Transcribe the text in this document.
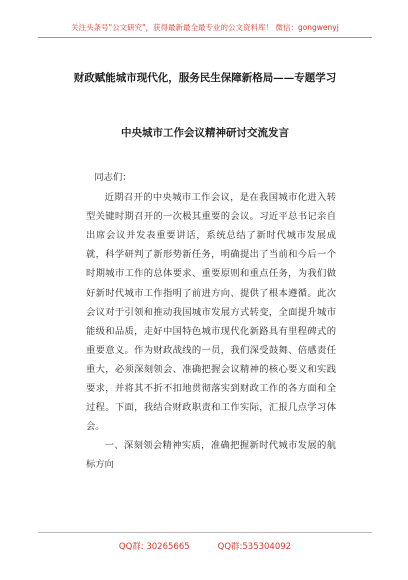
关注头条号"公文研究"，获得最新最全最专业的公文资料库！ 微信：gongwenyj
财政赋能城市现代化，服务民生保障新格局——专题学习
中央城市工作会议精神研讨交流发言

同志们：

近期召开的中央城市工作会议，是在我国城市化进入转型关键时期召开的一次极其重要的会议。习近平总书记亲自出席会议并发表重要讲话，系统总结了新时代城市发展成就，科学研判了新形势新任务，明确提出了当前和今后一个时期城市工作的总体要求、重要原则和重点任务，为我们做好新时代城市工作指明了前进方向、提供了根本遵循。此次会议对于引领和推动我国城市发展方式转变，全面提升城市能级和品质，走好中国特色城市现代化新路具有里程碑式的重要意义。作为财政战线的一员，我们深受鼓舞、倍感责任重大，必须深刻领会、准确把握会议精神的核心要义和实践要求，并将其不折不扣地贯彻落实到财政工作的各方面和全过程。下面，我结合财政职责和工作实际，汇报几点学习体会。

一、深刻领会精神实质，准确把握新时代城市发展的航标方向

QQ群: 30265665	QQ群:535304092
